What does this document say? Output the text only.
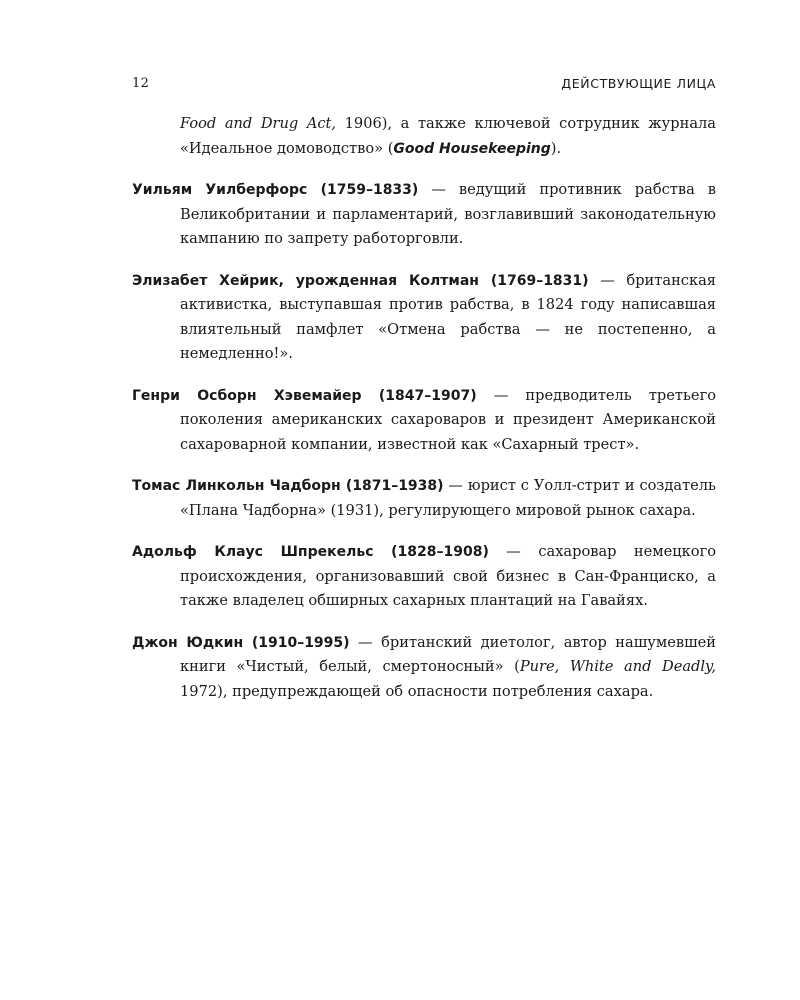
12	ДЕЙСТВУЮЩИЕ ЛИЦА

Food and Drug Act, 1906), а также ключевой сотрудник журнала «Идеальное домоводство» (Good Housekeeping).

Уильям Уилберфорс (1759–1833) — ведущий противник рабства в Великобритании и парламентарий, возглавивший законодательную кампанию по запрету работорговли.

Элизабет Хейрик, урожденная Колтман (1769–1831) — британская активистка, выступавшая против рабства, в 1824 году написавшая влиятельный памфлет «Отмена рабства — не постепенно, а немедленно!».

Генри Осборн Хэвемайер (1847–1907) — предводитель третьего поколения американских сахароваров и президент Американской сахароварной компании, известной как «Сахарный трест».

Томас Линкольн Чадборн (1871–1938) — юрист с Уолл-стрит и создатель «Плана Чадборна» (1931), регулирующего мировой рынок сахара.

Адольф Клаус Шпрекельс (1828–1908) — сахаровар немецкого происхождения, организовавший свой бизнес в Сан-Франциско, а также владелец обширных сахарных плантаций на Гавайях.

Джон Юдкин (1910–1995) — британский диетолог, автор нашумевшей книги «Чистый, белый, смертоносный» (Pure, White and Deadly, 1972), предупреждающей об опасности потребления сахара.
